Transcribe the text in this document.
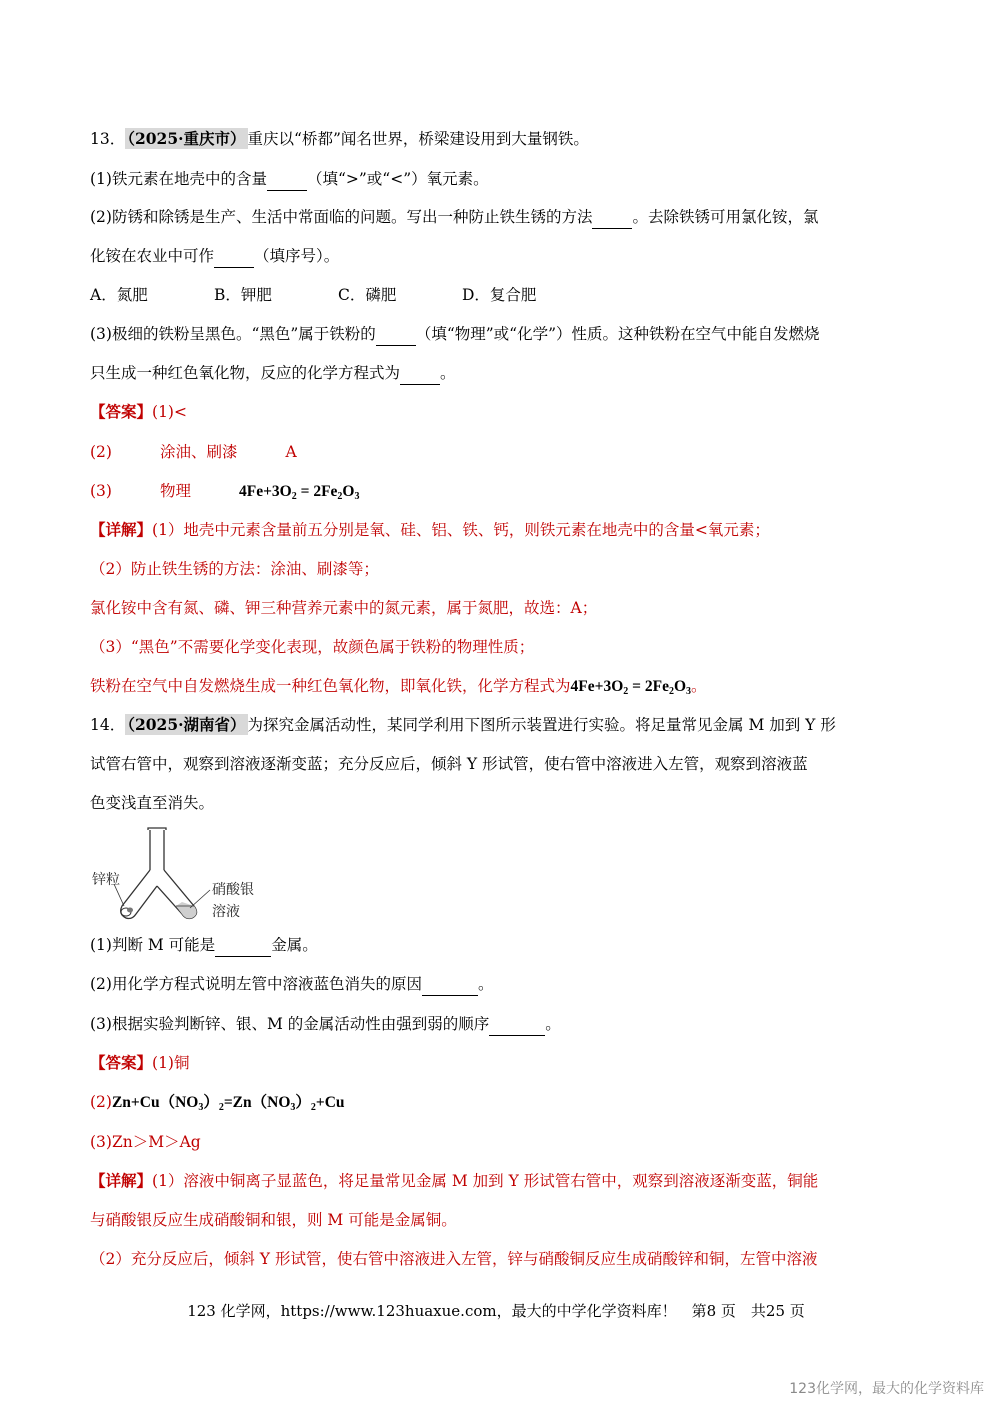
13． （2025·重庆市） 重庆以“桥都”闻名世界，桥梁建设用到大量钢铁。
(1)铁元素在地壳中的含量	（填“>”或“<”）氧元素。
(2)防锈和除锈是生产、生活中常面临的问题。写出一种防止铁生锈的方法	。去除铁锈可用氯化铵，氯
化铵在农业中可作	（填序号）。
A．氮肥	B．钾肥	C．磷肥	D．复合肥
(3)极细的铁粉呈黑色。“黑色”属于铁粉的	（填“物理”或“化学”）性质。这种铁粉在空气中能自发燃烧
只生成一种红色氧化物，反应的化学方程式为	。
【答案】(1)<
(2)	涂油、刷漆	A
(3)	物理	$4Fe+3O_2 = 2Fe_2O_3$
【详解】(1）地壳中元素含量前五分别是氧、硅、铝、铁、钙，则铁元素在地壳中的含量<氧元素；
（2）防止铁生锈的方法：涂油、刷漆等；
氯化铵中含有氮、磷、钾三种营养元素中的氮元素，属于氮肥，故选：A；
（3）“黑色”不需要化学变化表现，故颜色属于铁粉的物理性质；
铁粉在空气中自发燃烧生成一种红色氧化物，即氧化铁，化学方程式为$4Fe+3O_2 = 2Fe_2O_3$。
14． （2025·湖南省） 为探究金属活动性，某同学利用下图所示装置进行实验。将足量常见金属 M 加到 Y 形
试管右管中，观察到溶液逐渐变蓝；充分反应后，倾斜 Y 形试管，使右管中溶液进入左管，观察到溶液蓝
色变浅直至消失。
锌粒
硝酸银
溶液
(1)判断 M 可能是	金属。
(2)用化学方程式说明左管中溶液蓝色消失的原因	。
(3)根据实验判断锌、银、M 的金属活动性由强到弱的顺序	。
【答案】(1)铜
$(2)Zn+Cu(NO_3)_2=Zn(NO_3)_2+Cu$
(3)Zn＞M＞Ag
【详解】(1）溶液中铜离子显蓝色，将足量常见金属 M 加到 Y 形试管右管中，观察到溶液逐渐变蓝，铜能
与硝酸银反应生成硝酸铜和银，则 M 可能是金属铜。
（2）充分反应后，倾斜 Y 形试管，使右管中溶液进入左管，锌与硝酸铜反应生成硝酸锌和铜，左管中溶液
123 化学网，https://www.123huaxue.com，最大的中学化学资料库！　第8 页　共25 页
123化学网，最大的化学资料库
